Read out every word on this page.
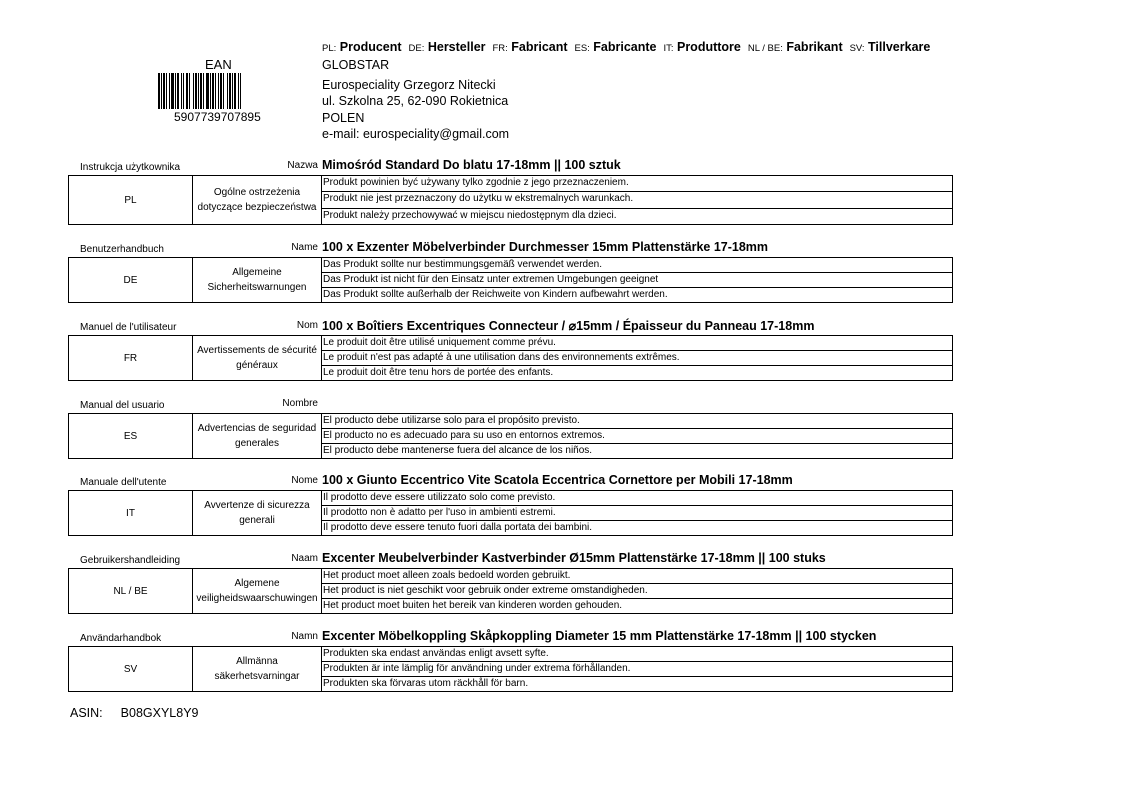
EAN
5907739707895
PL: Producent DE: Hersteller FR: Fabricant ES: Fabricante IT: Produttore NL / BE: Fabrikant SV: Tillverkare
GLOBSTAR
Eurospeciality Grzegorz Nitecki
ul. Szkolna 25, 62-090 Rokietnica
POLEN
e-mail: eurospeciality@gmail.com
Instrukcja użytkownika	Nazwa Mimośród Standard Do blatu 17-18mm || 100 sztuk
PL
Ogólne ostrzeżenia dotyczące bezpieczeństwa
Produkt powinien być używany tylko zgodnie z jego przeznaczeniem.
Produkt nie jest przeznaczony do użytku w ekstremalnych warunkach.
Produkt należy przechowywać w miejscu niedostępnym dla dzieci.
Benutzerhandbuch	Name 100 x Exzenter Möbelverbinder Durchmesser 15mm Plattenstärke 17-18mm
DE
Allgemeine Sicherheitswarnungen
Das Produkt sollte nur bestimmungsgemäß verwendet werden.
Das Produkt ist nicht für den Einsatz unter extremen Umgebungen geeignet
Das Produkt sollte außerhalb der Reichweite von Kindern aufbewahrt werden.
Manuel de l'utilisateur	Nom 100 x Boîtiers Excentriques Connecteur / ⌀15mm / Épaisseur du Panneau 17-18mm
FR
Avertissements de sécurité généraux
Le produit doit être utilisé uniquement comme prévu.
Le produit n'est pas adapté à une utilisation dans des environnements extrêmes.
Le produit doit être tenu hors de portée des enfants.
Manual del usuario	Nombre
ES
Advertencias de seguridad generales
El producto debe utilizarse solo para el propósito previsto.
El producto no es adecuado para su uso en entornos extremos.
El producto debe mantenerse fuera del alcance de los niños.
Manuale dell'utente	Nome 100 x Giunto Eccentrico Vite Scatola Eccentrica Cornettore per Mobili 17-18mm
IT
Avvertenze di sicurezza generali
Il prodotto deve essere utilizzato solo come previsto.
Il prodotto non è adatto per l'uso in ambienti estremi.
Il prodotto deve essere tenuto fuori dalla portata dei bambini.
Gebruikershandleiding	Naam Excenter Meubelverbinder Kastverbinder Ø15mm Plattenstärke 17-18mm || 100 stuks
NL / BE
Algemene veiligheidswaarschuwingen
Het product moet alleen zoals bedoeld worden gebruikt.
Het product is niet geschikt voor gebruik onder extreme omstandigheden.
Het product moet buiten het bereik van kinderen worden gehouden.
Användarhandbok	Namn Excenter Möbelkoppling Skåpkoppling Diameter 15 mm Plattenstärke 17-18mm || 100 stycken
SV
Allmänna säkerhetsvarningar
Produkten ska endast användas enligt avsett syfte.
Produkten är inte lämplig för användning under extrema förhållanden.
Produkten ska förvaras utom räckhåll för barn.
ASIN: B08GXYL8Y9
